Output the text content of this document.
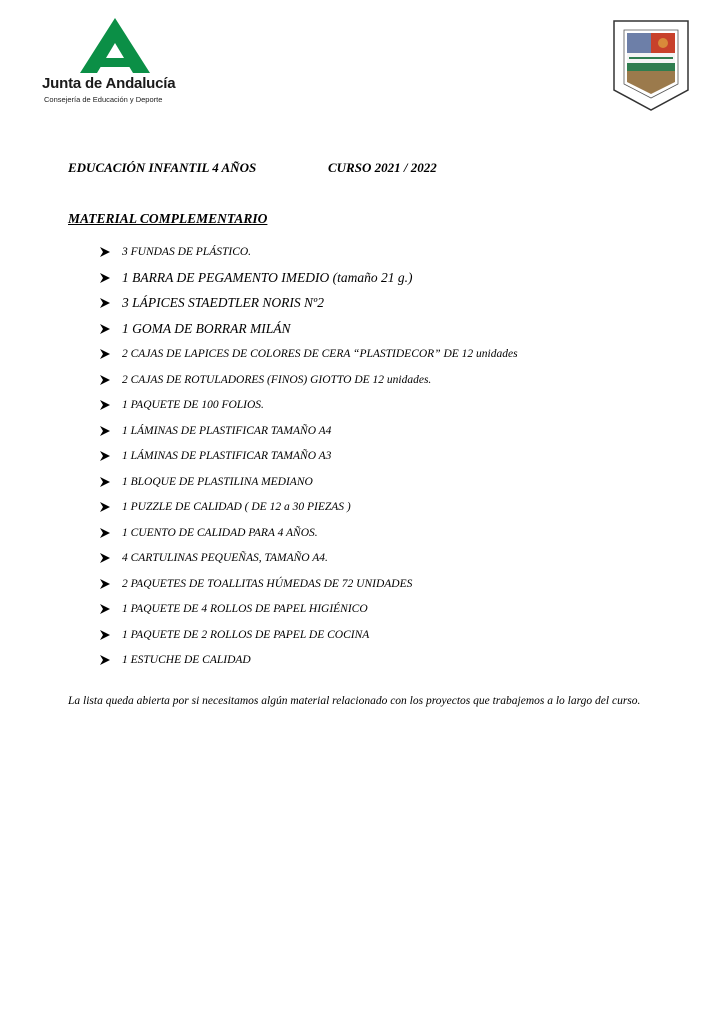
Junta de Andalucía
Consejería de Educación y Deporte
EDUCACIÓN INFANTIL 4 AÑOS	CURSO 2021 / 2022
MATERIAL COMPLEMENTARIO
3 FUNDAS DE PLÁSTICO.
1 BARRA DE PEGAMENTO IMEDIO (tamaño 21 g.)
3 LÁPICES STAEDTLER NORIS Nº2
1 GOMA DE BORRAR MILÁN
2 CAJAS DE LAPICES DE COLORES DE CERA “PLASTIDECOR” DE 12 unidades
2 CAJAS DE ROTULADORES (FINOS) GIOTTO DE 12 unidades.
1 PAQUETE DE 100 FOLIOS.
1 LÁMINAS DE PLASTIFICAR TAMAÑO A4
1 LÁMINAS DE PLASTIFICAR TAMAÑO A3
1 BLOQUE DE PLASTILINA MEDIANO
1 PUZZLE DE CALIDAD ( DE 12 a 30 PIEZAS )
1 CUENTO DE CALIDAD PARA 4 AÑOS.
4 CARTULINAS PEQUEÑAS, TAMAÑO A4.
2 PAQUETES DE TOALLITAS HÚMEDAS DE 72 UNIDADES
1 PAQUETE DE 4 ROLLOS DE PAPEL HIGIÉNICO
1 PAQUETE DE 2 ROLLOS DE PAPEL DE COCINA
1 ESTUCHE DE CALIDAD
La lista queda abierta por si necesitamos algún material relacionado con los proyectos que trabajemos a lo largo del curso.
